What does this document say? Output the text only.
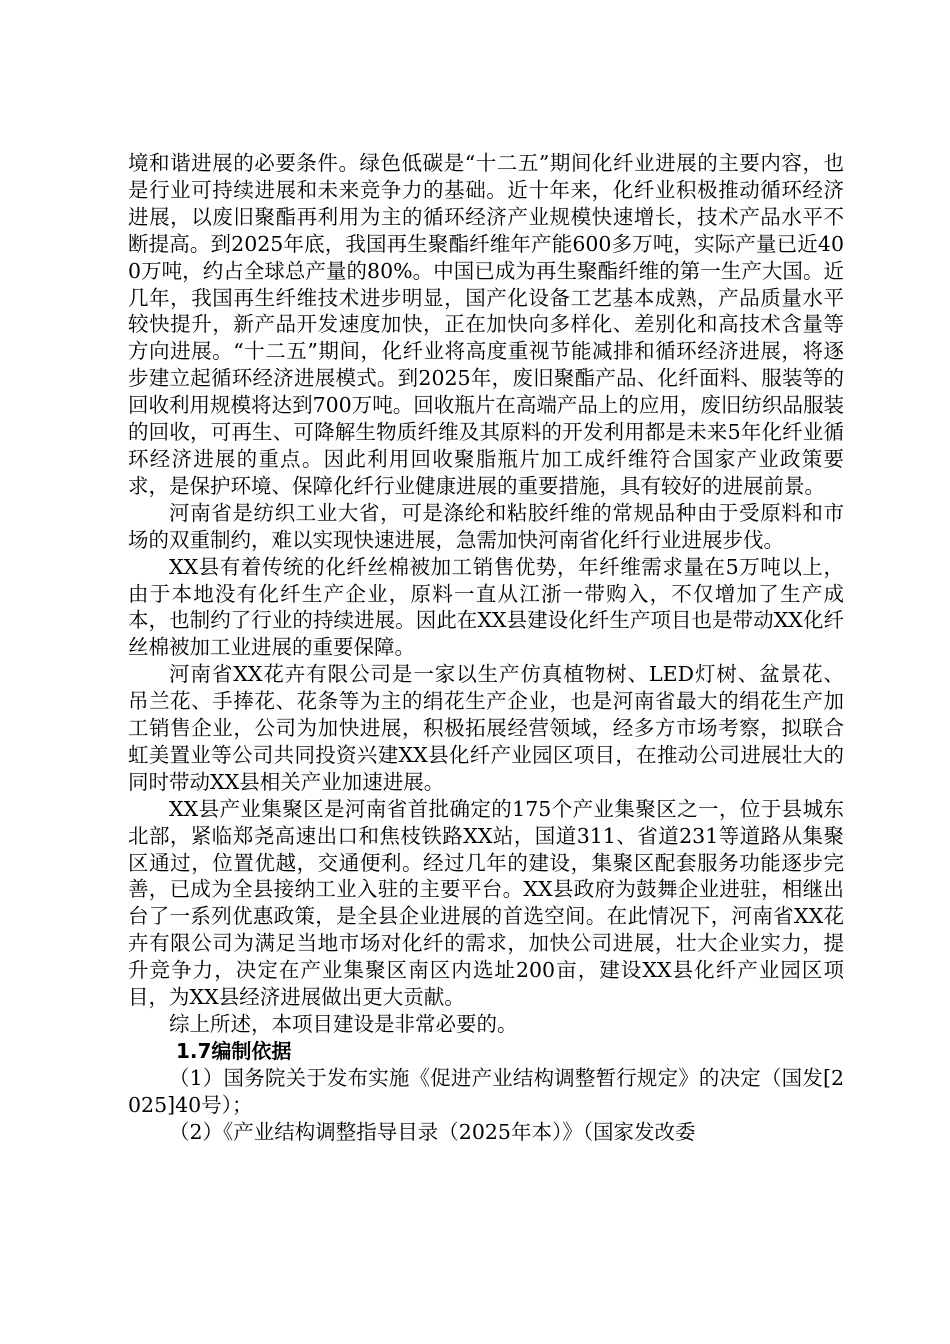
境和谐进展的必要条件。绿色低碳是“十二五”期间化纤业进展的主要内容，也是行业可持续进展和未来竞争力的基础。近十年来，化纤业积极推动循环经济进展，以废旧聚酯再利用为主的循环经济产业规模快速增长，技术产品水平不断提高。到2025年底，我国再生聚酯纤维年产能600多万吨，实际产量已近400万吨，约占全球总产量的80%。中国已成为再生聚酯纤维的第一生产大国。近几年，我国再生纤维技术进步明显，国产化设备工艺基本成熟，产品质量水平较快提升，新产品开发速度加快，正在加快向多样化、差别化和高技术含量等方向进展。“十二五”期间，化纤业将高度重视节能减排和循环经济进展，将逐步建立起循环经济进展模式。到2025年，废旧聚酯产品、化纤面料、服装等的回收利用规模将达到700万吨。回收瓶片在高端产品上的应用，废旧纺织品服装的回收，可再生、可降解生物质纤维及其原料的开发利用都是未来5年化纤业循环经济进展的重点。因此利用回收聚脂瓶片加工成纤维符合国家产业政策要求，是保护环境、保障化纤行业健康进展的重要措施，具有较好的进展前景。

河南省是纺织工业大省，可是涤纶和粘胶纤维的常规品种由于受原料和市场的双重制约，难以实现快速进展，急需加快河南省化纤行业进展步伐。

XX县有着传统的化纤丝棉被加工销售优势，年纤维需求量在5万吨以上，由于本地没有化纤生产企业，原料一直从江浙一带购入，不仅增加了生产成本，也制约了行业的持续进展。因此在XX县建设化纤生产项目也是带动XX化纤丝棉被加工业进展的重要保障。

河南省XX花卉有限公司是一家以生产仿真植物树、LED灯树、盆景花、 吊兰花、手捧花、花条等为主的绢花生产企业，也是河南省最大的绢花生产加工销售企业，公司为加快进展，积极拓展经营领域，经多方市场考察，拟联合虹美置业等公司共同投资兴建XX县化纤产业园区项目，在推动公司进展壮大的同时带动XX县相关产业加速进展。

XX县产业集聚区是河南省首批确定的175个产业集聚区之一，位于县城东北部，紧临郑尧高速出口和焦枝铁路XX站，国道311、省道231等道路从集聚区通过，位置优越，交通便利。经过几年的建设，集聚区配套服务功能逐步完善，已成为全县接纳工业入驻的主要平台。XX县政府为鼓舞企业进驻，相继出台了一系列优惠政策，是全县企业进展的首选空间。在此情况下，河南省XX花卉有限公司为满足当地市场对化纤的需求，加快公司进展，壮大企业实力，提升竞争力，决定在产业集聚区南区内选址200亩，建设XX县化纤产业园区项目，为XX县经济进展做出更大贡献。

综上所述，本项目建设是非常必要的。

1.7编制依据

（1）国务院关于发布实施《促进产业结构调整暂行规定》的决定（国发[2025]40号）；

（2）《产业结构调整指导目录（2025年本）》（国家发改委
